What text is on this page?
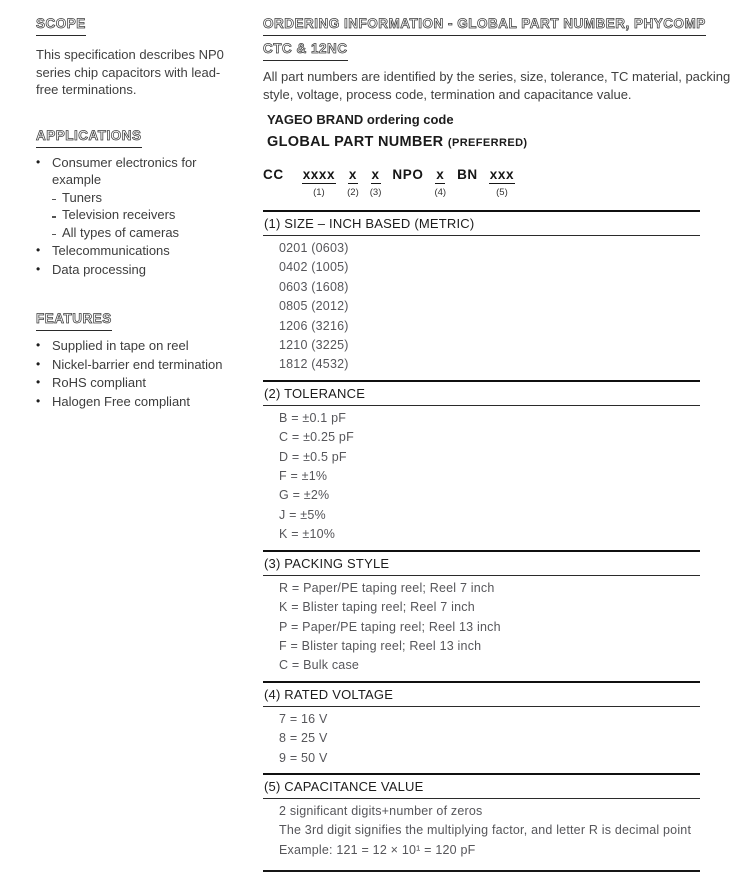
SCOPE

This specification describes NP0 series chip capacitors with lead-free terminations.

APPLICATIONS
• Consumer electronics for example
Tuners
Television receivers
All types of cameras
• Telecommunications
• Data processing
FEATURES
• Supplied in tape on reel
• Nickel-barrier end termination
• RoHS compliant
• Halogen Free compliant
ORDERING INFORMATION - GLOBAL PART NUMBER, PHYCOMP
CTC & 12NC

All part numbers are identified by the series, size, tolerance, TC material, packing style, voltage, process code, termination and capacitance value.

YAGEO BRAND ordering code

GLOBAL PART NUMBER (PREFERRED)

CC xxxx
(1)
x
(2)
x
(3)
NPO x
(4)
BN xxx
(5)
(1) SIZE – INCH BASED (METRIC)
0201 (0603)
0402 (1005)
0603 (1608)
0805 (2012)
1206 (3216)
1210 (3225)
1812 (4532)
(2) TOLERANCE
B = ±0.1 pF
C = ±0.25 pF
D = ±0.5 pF
F = ±1%
G = ±2%
J = ±5%
K = ±10%
(3) PACKING STYLE
R = Paper/PE taping reel; Reel 7 inch
K = Blister taping reel; Reel 7 inch
P = Paper/PE taping reel; Reel 13 inch
F = Blister taping reel; Reel 13 inch
C = Bulk case
(4) RATED VOLTAGE
7 = 16 V
8 = 25 V
9 = 50 V
(5) CAPACITANCE VALUE
2 significant digits+number of zeros
The 3rd digit signifies the multiplying factor, and letter R is decimal point
Example: 121 = 12 × 10¹ = 120 pF
